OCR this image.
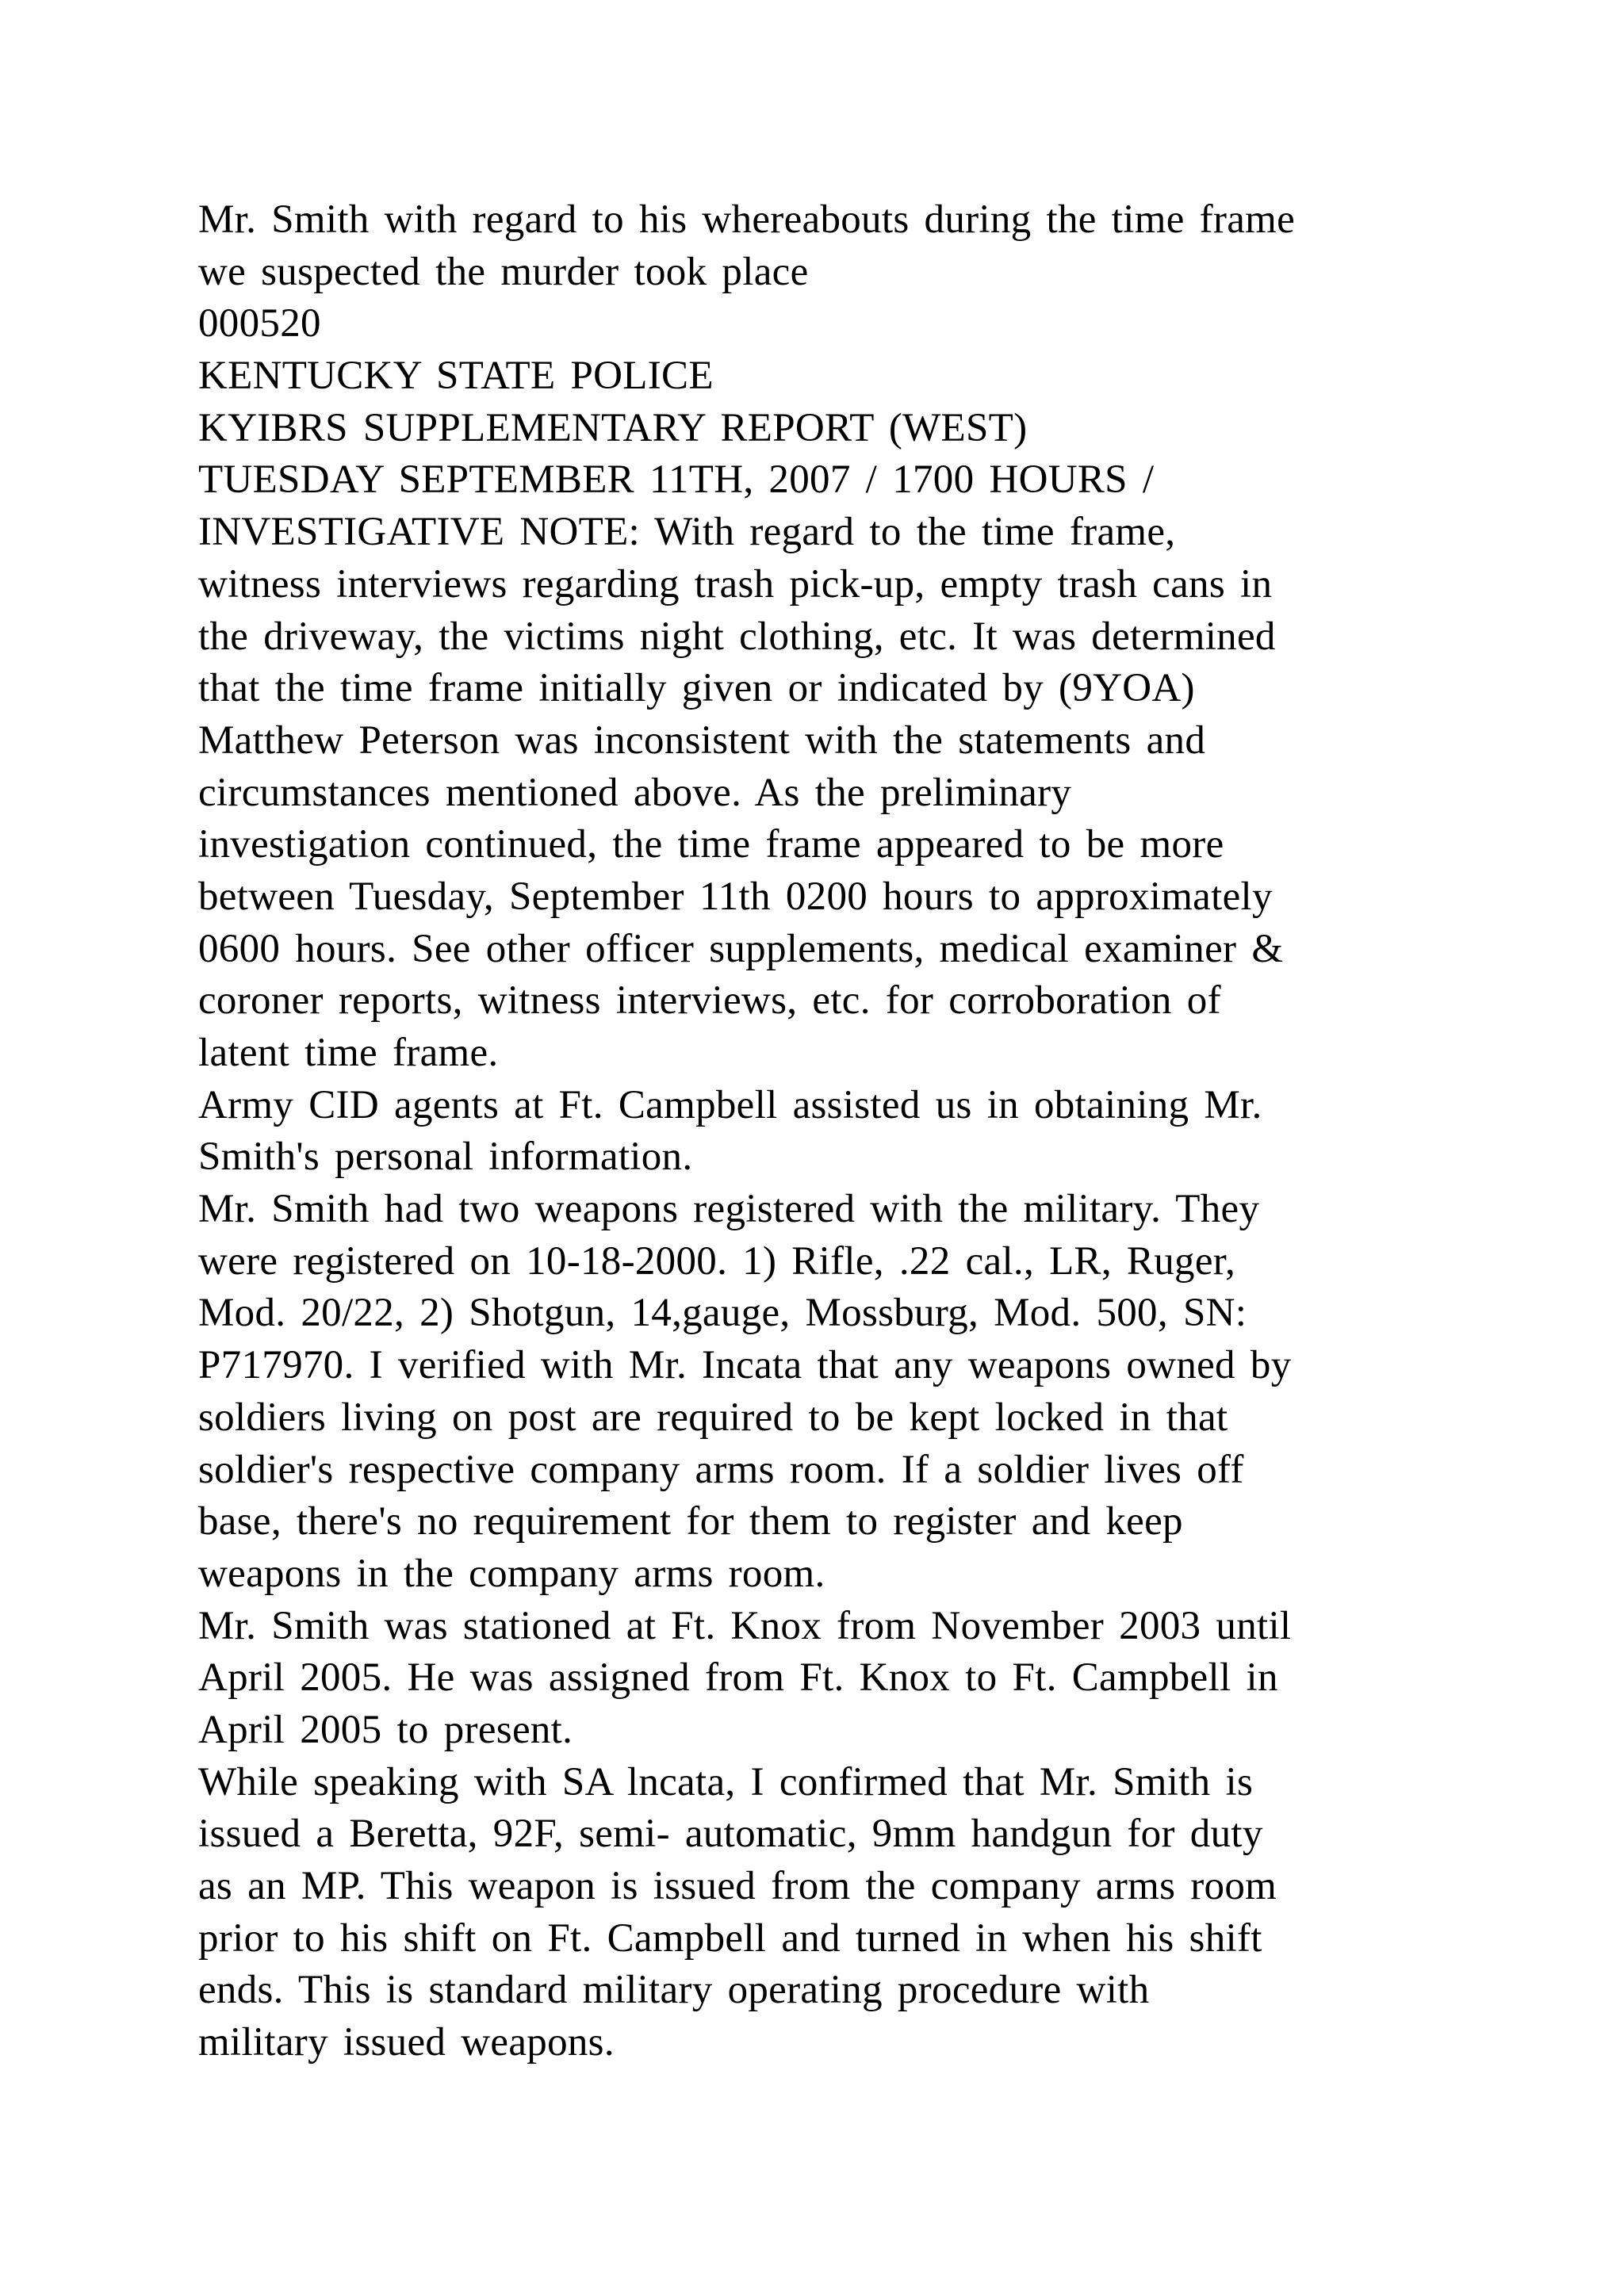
Mr. Smith with regard to his whereabouts during the time frame
we suspected the murder took place
000520
KENTUCKY STATE POLICE
KYIBRS SUPPLEMENTARY REPORT (WEST)
TUESDAY SEPTEMBER 11TH, 2007 / 1700 HOURS /
INVESTIGATIVE NOTE: With regard to the time frame,
witness interviews regarding trash pick-up, empty trash cans in
the driveway, the victims night clothing, etc. It was determined
that the time frame initially given or indicated by (9YOA)
Matthew Peterson was inconsistent with the statements and
circumstances mentioned above. As the preliminary
investigation continued, the time frame appeared to be more
between Tuesday, September 11th 0200 hours to approximately
0600 hours. See other officer supplements, medical examiner &
coroner reports, witness interviews, etc. for corroboration of
latent time frame.
Army CID agents at Ft. Campbell assisted us in obtaining Mr.
Smith's personal information.
Mr. Smith had two weapons registered with the military. They
were registered on 10-18-2000. 1) Rifle, .22 cal., LR, Ruger,
Mod. 20/22, 2) Shotgun, 14,gauge, Mossburg, Mod. 500, SN:
P717970. I verified with Mr. Incata that any weapons owned by
soldiers living on post are required to be kept locked in that
soldier's respective company arms room. If a soldier lives off
base, there's no requirement for them to register and keep
weapons in the company arms room.
Mr. Smith was stationed at Ft. Knox from November 2003 until
April 2005. He was assigned from Ft. Knox to Ft. Campbell in
April 2005 to present.
While speaking with SA lncata, I confirmed that Mr. Smith is
issued a Beretta, 92F, semi- automatic, 9mm handgun for duty
as an MP. This weapon is issued from the company arms room
prior to his shift on Ft. Campbell and turned in when his shift
ends. This is standard military operating procedure with
military issued weapons.
